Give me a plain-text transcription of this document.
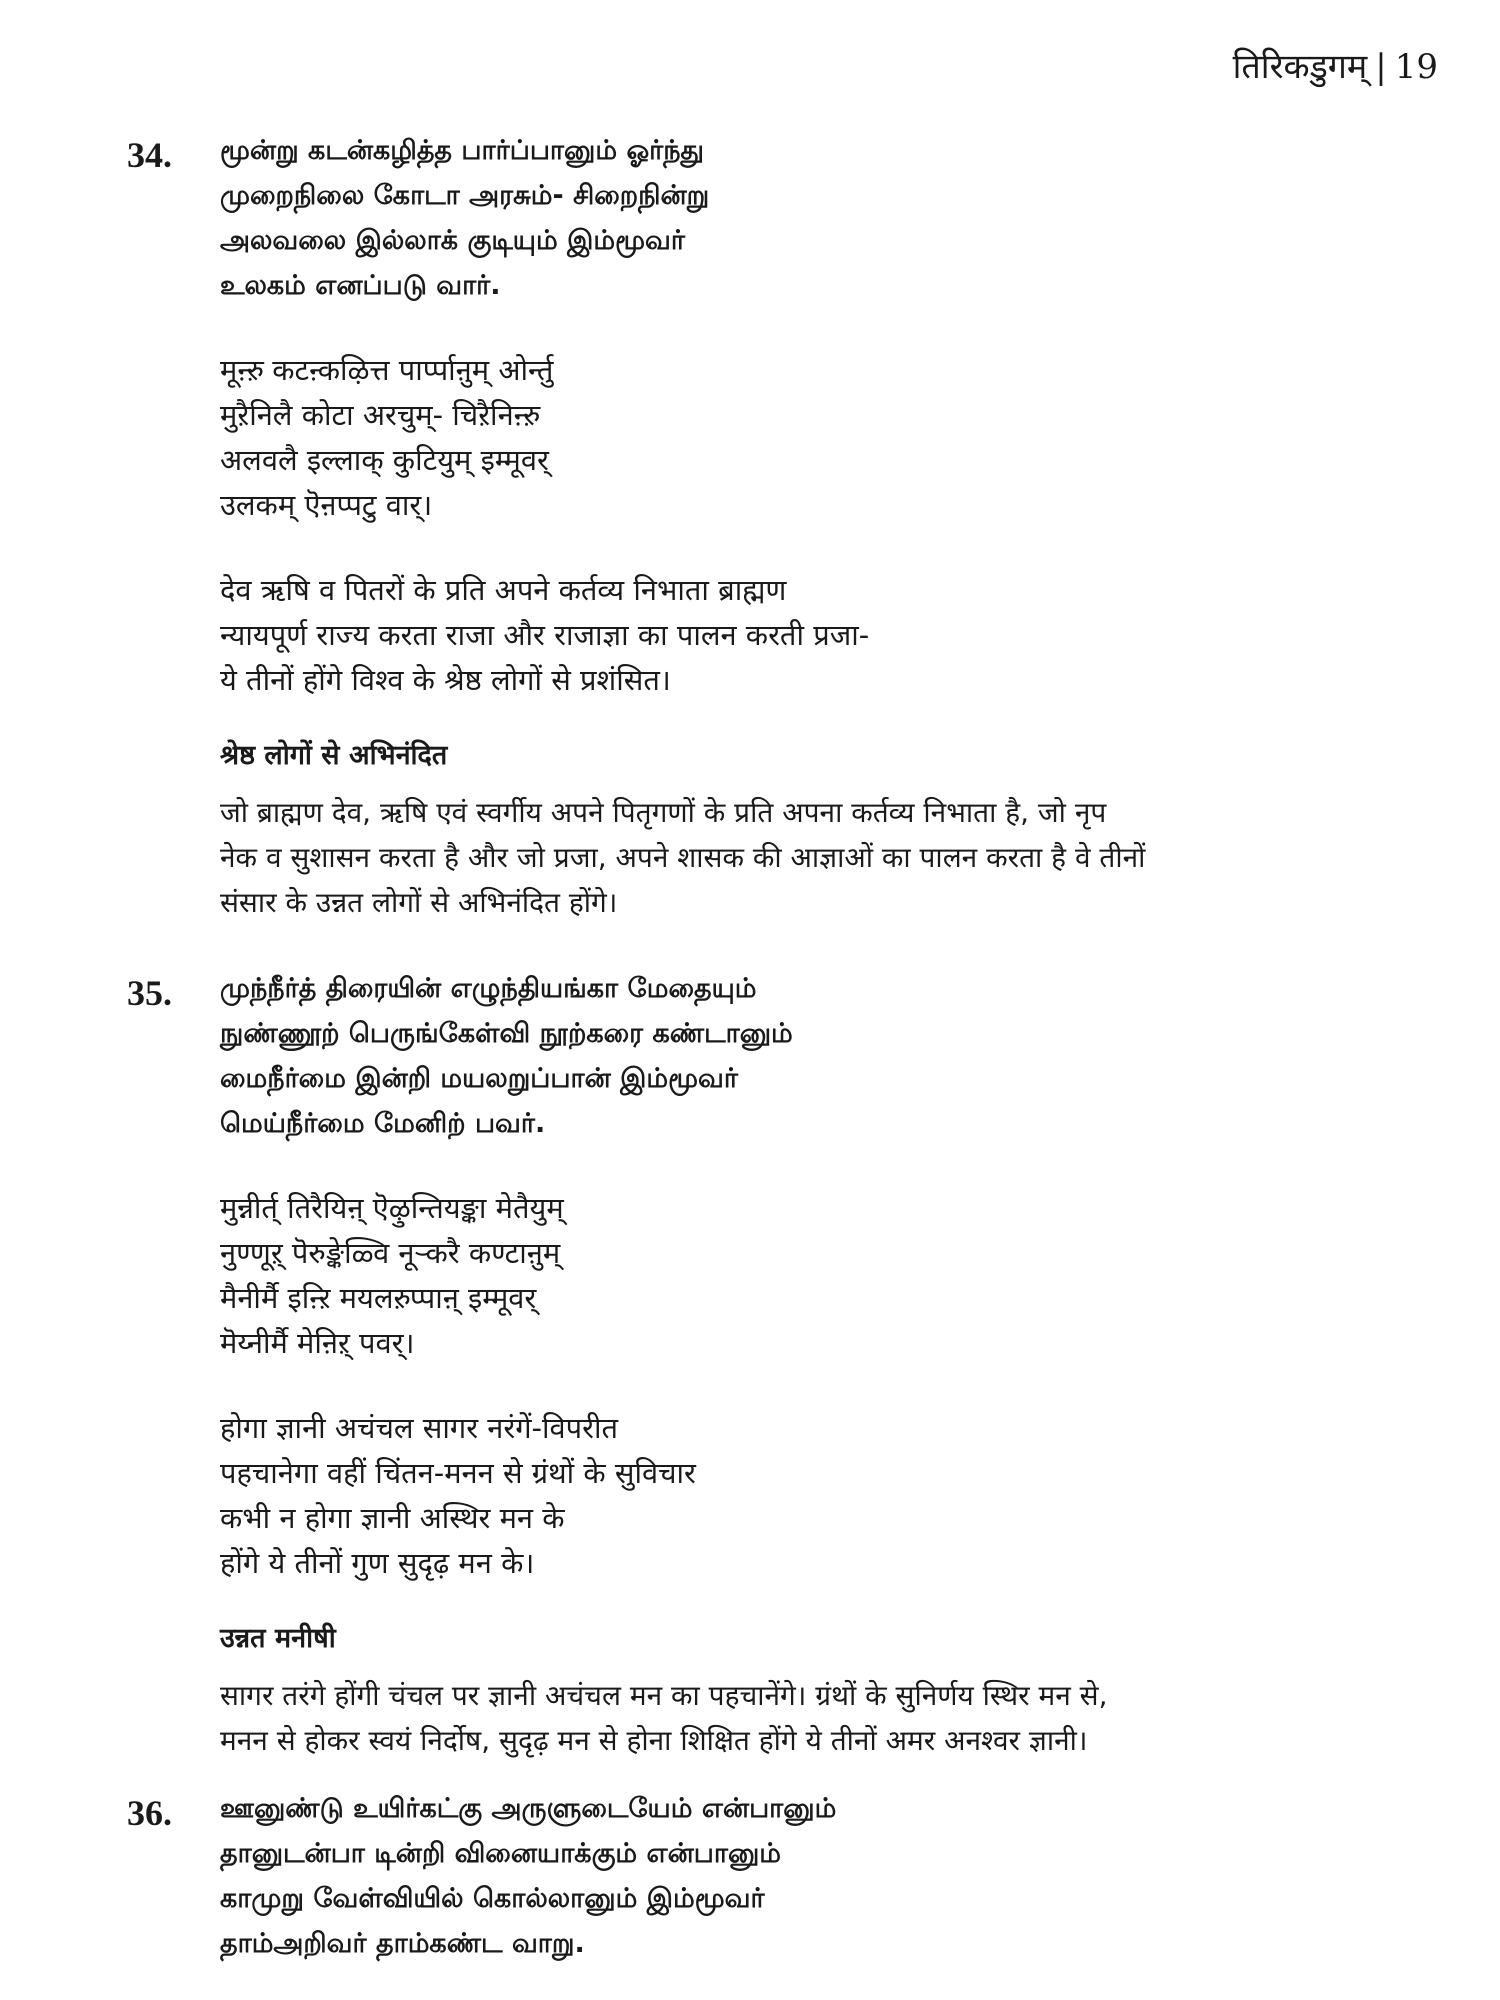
तिरिकडुगम् | 19
34. மூன்று கடன்கழித்த பார்ப்பானும் ஓர்ந்து
முறைநிலை கோடா அரசும்- சிறைநின்று
அலவலை இல்லாக் குடியும் இம்மூவர்
உலகம் எனப்படு வார்.
मूऩ्ऱु कटऩ्कऴित्त पार्प्पाऩुम् ओर्न्तु
मुऱैनिलै कोटा अरचुम्- चिऱैनिऩ्ऱु
अलवलै इल्लाक् कुटियुम् इम्मूवर्
उलकम् ऎऩप्पटु वार्।
देव ऋषि व पितरों के प्रति अपने कर्तव्य निभाता ब्राह्मण
न्यायपूर्ण राज्य करता राजा और राजाज्ञा का पालन करती प्रजा-
ये तीनों होंगे विश्व के श्रेष्ठ लोगों से प्रशंसित।
श्रेष्ठ लोगों से अभिनंदित
जो ब्राह्मण देव, ऋषि एवं स्वर्गीय अपने पितृगणों के प्रति अपना कर्तव्य निभाता है, जो नृप
नेक व सुशासन करता है और जो प्रजा, अपने शासक की आज्ञाओं का पालन करता है वे तीनों
संसार के उन्नत लोगों से अभिनंदित होंगे।
35. முந்நீர்த் திரையின் எழுந்தியங்கா மேதையும்
நுண்ணூற் பெருங்கேள்வி நூற்கரை கண்டானும்
மைநீர்மை இன்றி மயலறுப்பான் இம்மூவர்
மெய்நீர்மை மேனிற் பவர்.
मुन्नीर्त् तिरैयिऩ् ऎऴुन्तियङ्का मेतैयुम्
नुण्णूऱ् पॆरुङ्केळ्वि नूऱ्करै कण्टाऩुम्
मैनीर्मै इऩ्ऱि मयलऱुप्पाऩ् इम्मूवर्
मॆय्नीर्मै मेऩिऱ् पवर्।
होगा ज्ञानी अचंचल सागर नरंगें-विपरीत
पहचानेगा वहीं चिंतन-मनन से ग्रंथों के सुविचार
कभी न होगा ज्ञानी अस्थिर मन के
होंगे ये तीनों गुण सुदृढ़ मन के।
उन्नत मनीषी
सागर तरंगे होंगी चंचल पर ज्ञानी अचंचल मन का पहचानेंगे। ग्रंथों के सुनिर्णय स्थिर मन से,
मनन से होकर स्वयं निर्दोष, सुदृढ़ मन से होना शिक्षित होंगे ये तीनों अमर अनश्वर ज्ञानी।
36. ஊனுண்டு உயிர்கட்கு அருளுடையேம் என்பானும்
தானுடன்பா டின்றி வினையாக்கும் என்பானும்
காமுறு வேள்வியில் கொல்லானும் இம்மூவர்
தாம்அறிவர் தாம்கண்ட வாறு.
